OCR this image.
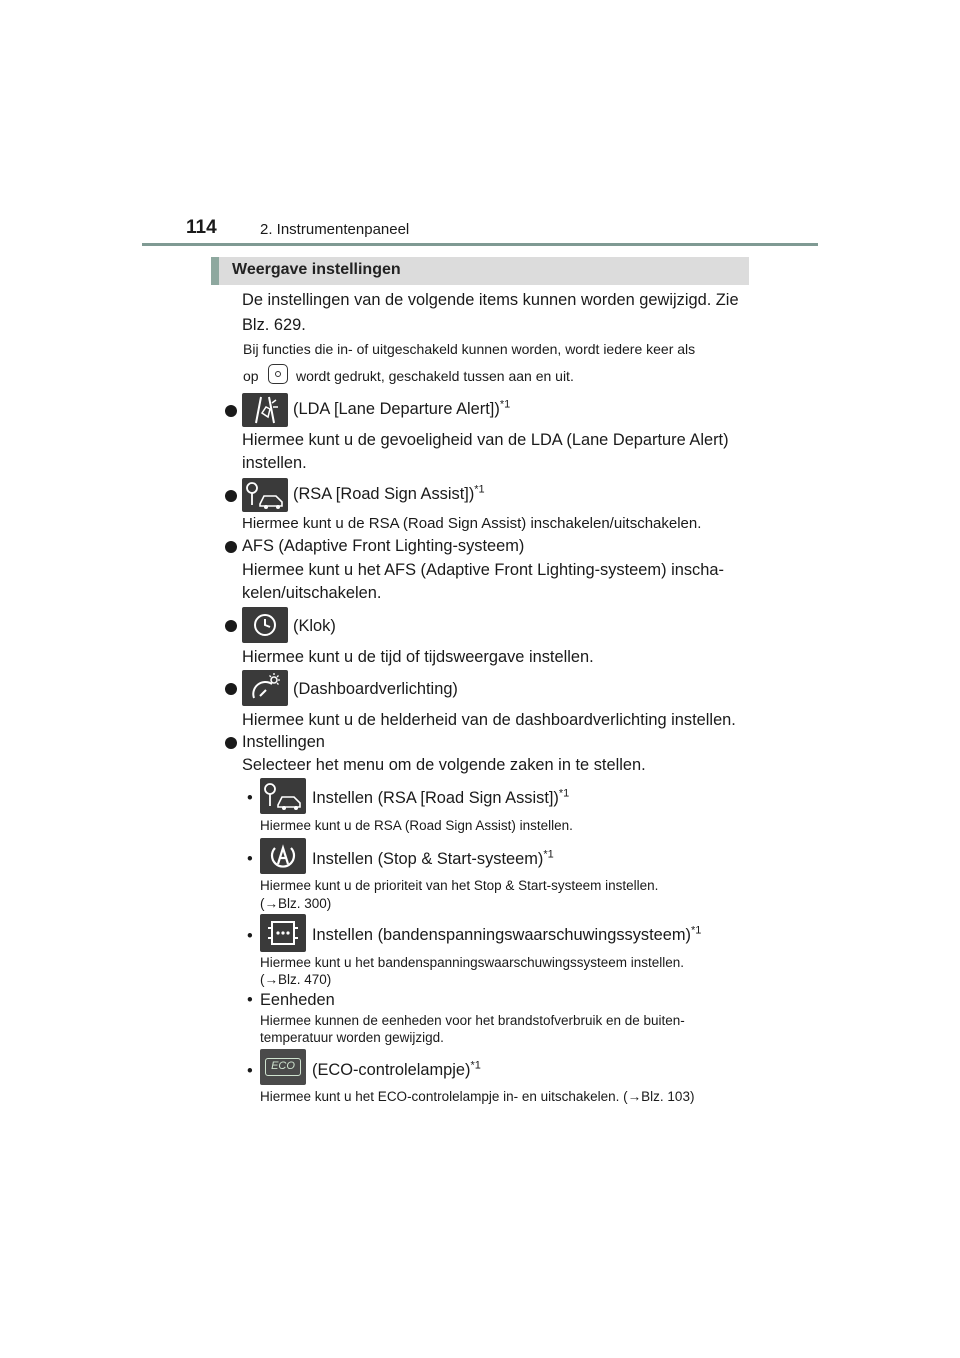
114	2. Instrumentenpaneel
Weergave instellingen
De instellingen van de volgende items kunnen worden gewijzigd. Zie
Blz. 629.
Bij functies die in- of uitgeschakeld kunnen worden, wordt iedere keer als
op	wordt gedrukt, geschakeld tussen aan en uit.
(LDA [Lane Departure Alert])$^{*1}$
Hiermee kunt u de gevoeligheid van de LDA (Lane Departure Alert)
instellen.
(RSA [Road Sign Assist])$^{*1}$
Hiermee kunt u de RSA (Road Sign Assist) inschakelen/uitschakelen.
AFS (Adaptive Front Lighting-systeem)
Hiermee kunt u het AFS (Adaptive Front Lighting-systeem) inscha-
kelen/uitschakelen.
(Klok)
Hiermee kunt u de tijd of tijdsweergave instellen.
(Dashboardverlichting)
Hiermee kunt u de helderheid van de dashboardverlichting instellen.
Instellingen
Selecteer het menu om de volgende zaken in te stellen.
•	Instellen (RSA [Road Sign Assist])$^{*1}$
Hiermee kunt u de RSA (Road Sign Assist) instellen.
•	Instellen (Stop & Start-systeem)$^{*1}$
Hiermee kunt u de prioriteit van het Stop & Start-systeem instellen.
(→Blz. 300)
•	Instellen (bandenspanningswaarschuwingssysteem)$^{*1}$
Hiermee kunt u het bandenspanningswaarschuwingssysteem instellen.
(→Blz. 470)
• Eenheden
Hiermee kunnen de eenheden voor het brandstofverbruik en de buiten-
temperatuur worden gewijzigd.
•	ECO	(ECO-controlelampje)$^{*1}$
Hiermee kunt u het ECO-controlelampje in- en uitschakelen. (→Blz. 103)
